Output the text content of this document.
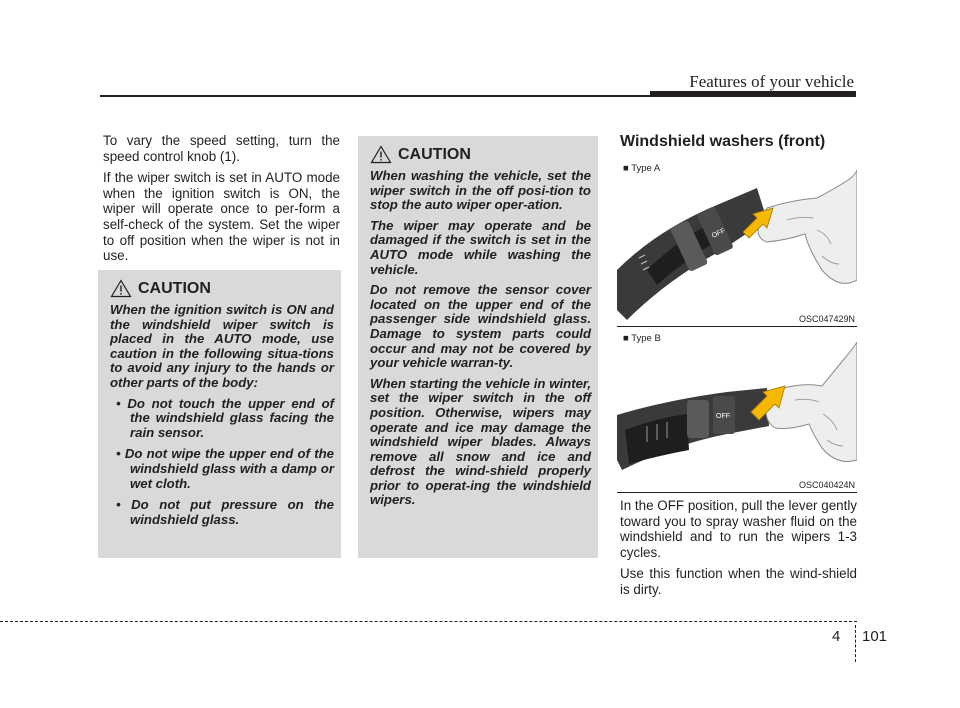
Features of your vehicle

To vary the speed setting, turn the speed control knob (1).

If the wiper switch is set in AUTO mode when the ignition switch is ON, the wiper will operate once to per-form a self-check of the system. Set the wiper to off position when the wiper is not in use.

CAUTION

When the ignition switch is ON and the windshield wiper switch is placed in the AUTO mode, use caution in the following situa-tions to avoid any injury to the hands or other parts of the body:

• Do not touch the upper end of the windshield glass facing the rain sensor.
• Do not wipe the upper end of the windshield glass with a damp or wet cloth.
• Do not put pressure on the windshield glass.
CAUTION

When washing the vehicle, set the wiper switch in the off posi-tion to stop the auto wiper oper-ation.

The wiper may operate and be damaged if the switch is set in the AUTO mode while washing the vehicle.

Do not remove the sensor cover located on the upper end of the passenger side windshield glass. Damage to system parts could occur and may not be covered by your vehicle warran-ty.

When starting the vehicle in winter, set the wiper switch in the off position. Otherwise, wipers may operate and ice may damage the windshield wiper blades. Always remove all snow and ice and defrost the wind-shield properly prior to operat-ing the windshield wipers.

Windshield washers (front)
OFF
■ Type A
OSC047429N
OFF
■ Type B
OSC040424N

In the OFF position, pull the lever gently toward you to spray washer fluid on the windshield and to run the wipers 1-3 cycles.

Use this function when the wind-shield is dirty.

4 101
